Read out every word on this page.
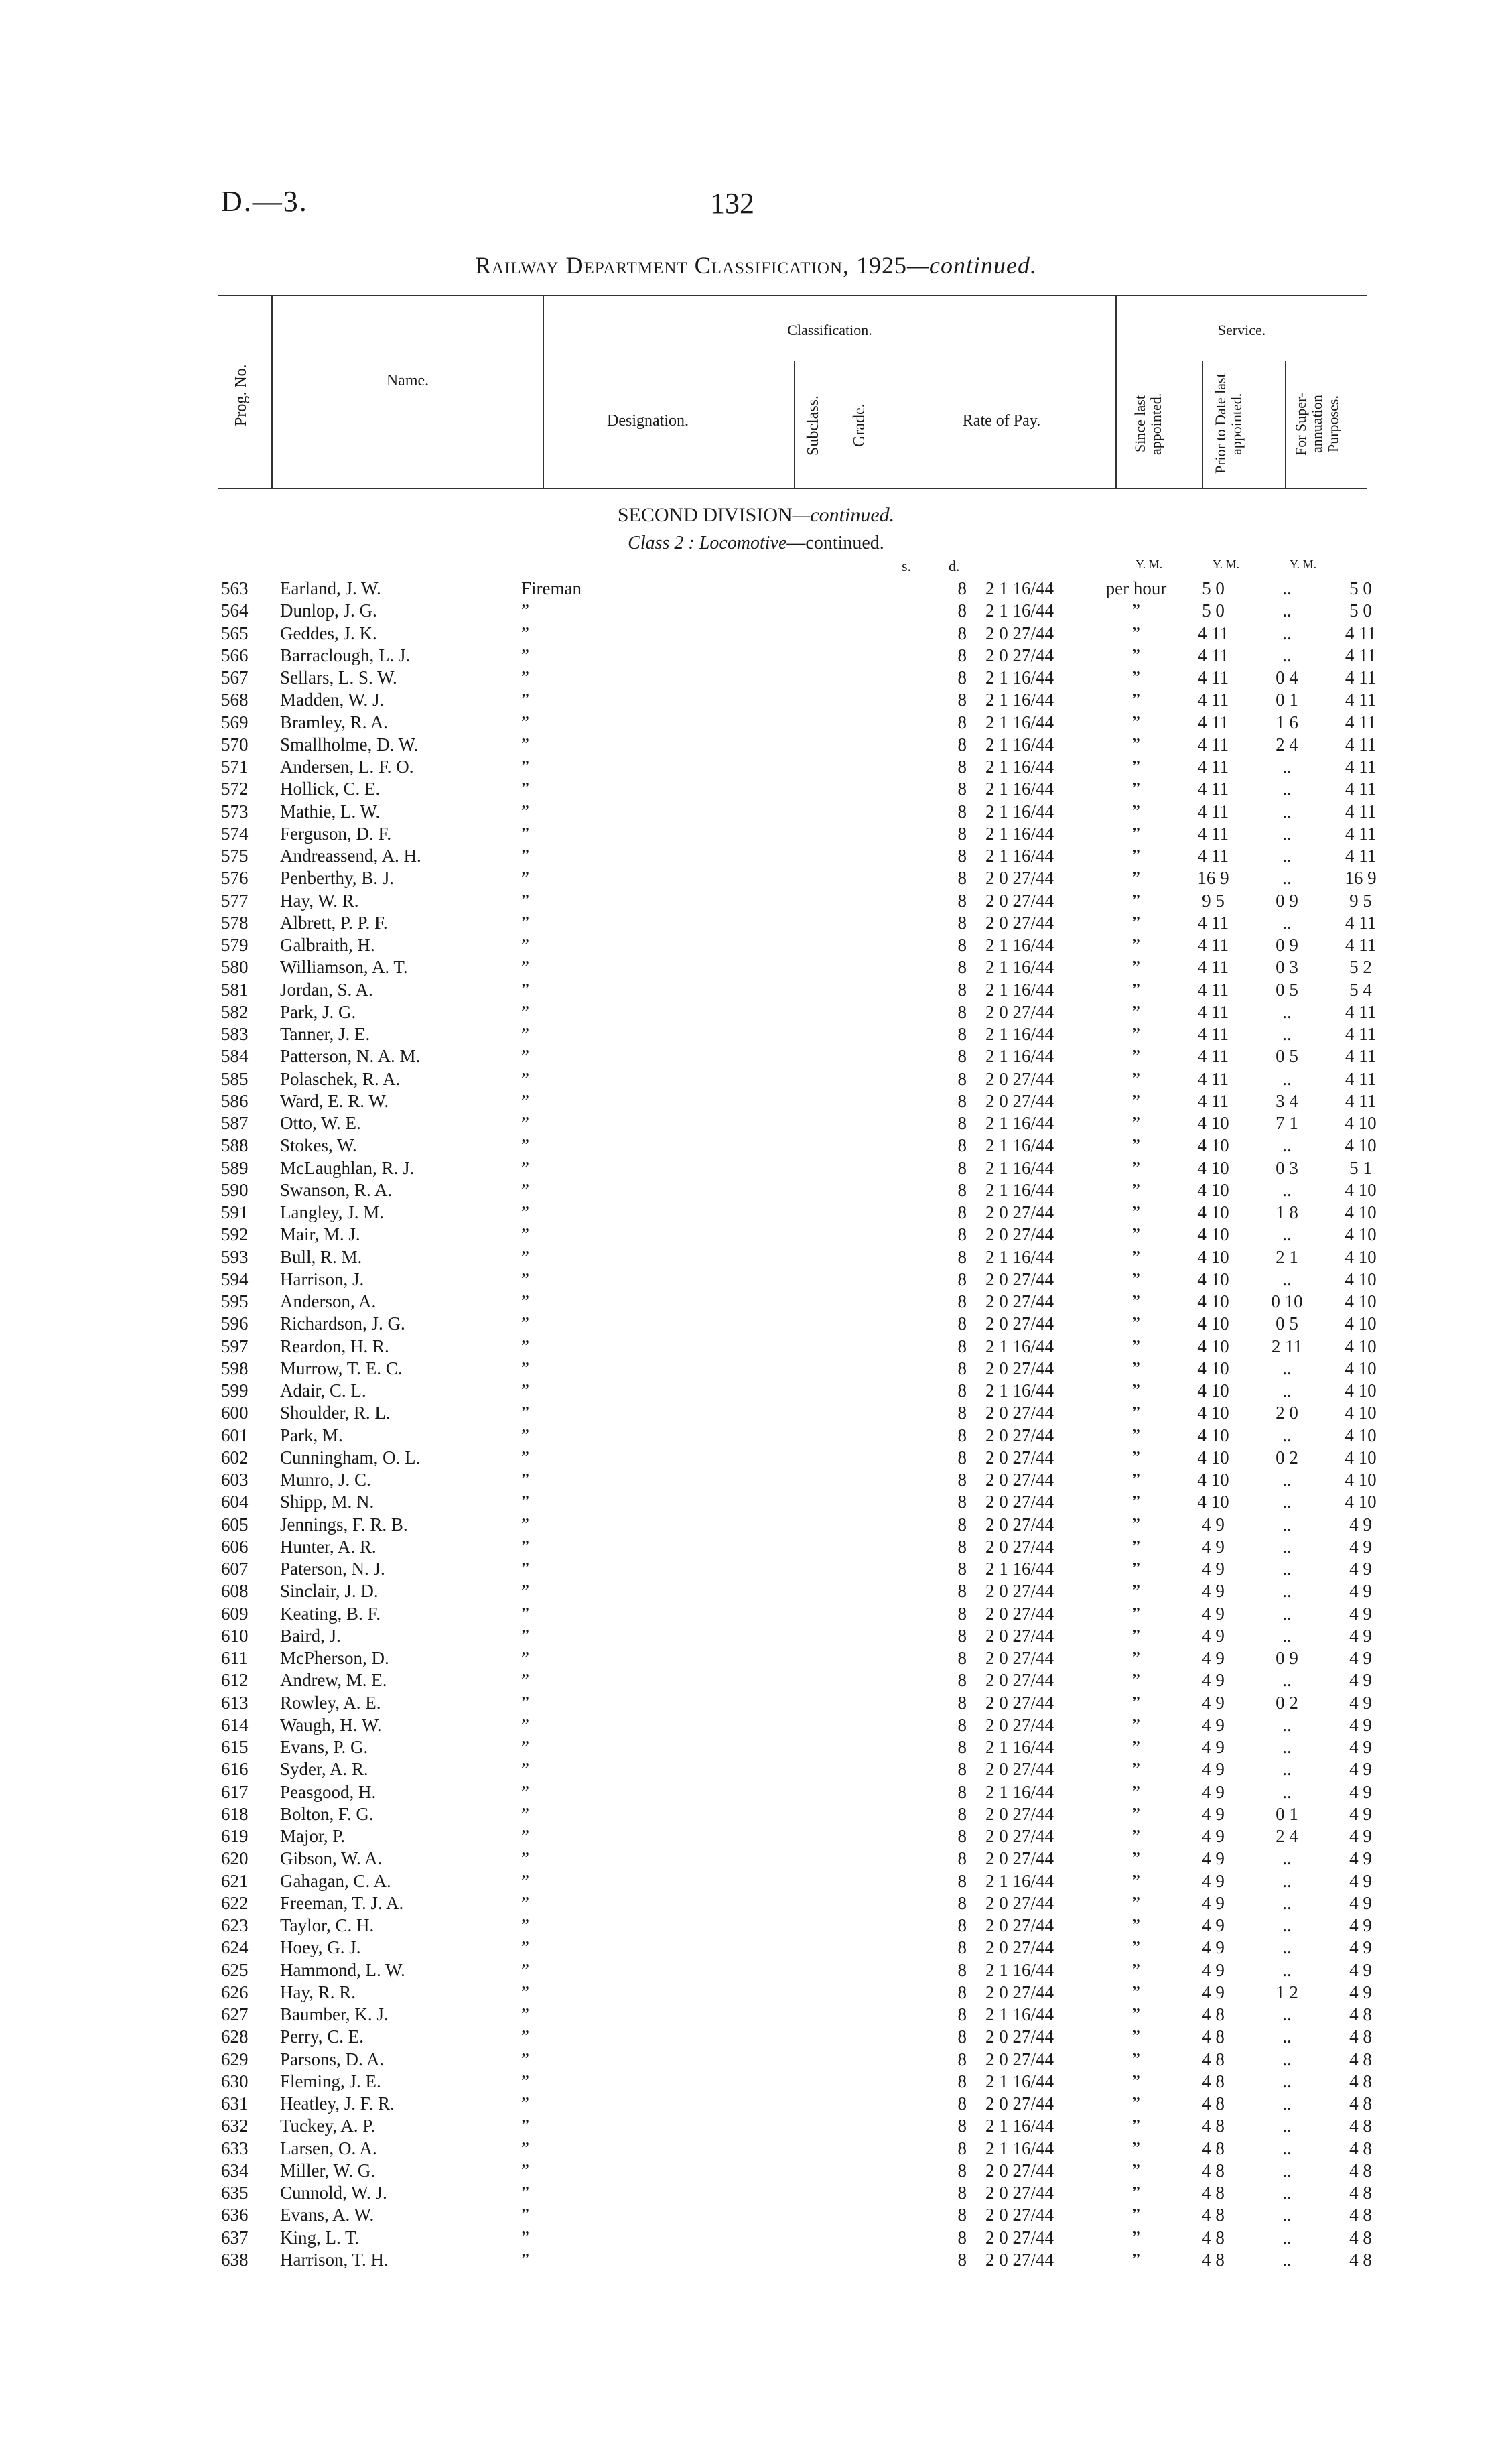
D.—3.	132
Railway Department Classification, 1925—continued.
Prog. No.	Name.
Classification.	Service.
Designation.	Subclass.	Grade.	Rate of Pay.	Since last appointed.	Prior to Date last appointed.	For Super-annuation Purposes.
SECOND DIVISION—continued.
Class 2 : Locomotive—continued.
s.	d.	Y. M.	Y. M.	Y. M.
563	Earland, J. W.	Fireman	8	2 1 16/44	per hour	5 0	..	5 0
564	Dunlop, J. G.	”	8	2 1 16/44	”	5 0	..	5 0
565	Geddes, J. K.	”	8	2 0 27/44	”	4 11	..	4 11
566	Barraclough, L. J.	”	8	2 0 27/44	”	4 11	..	4 11
567	Sellars, L. S. W.	”	8	2 1 16/44	”	4 11	0 4	4 11
568	Madden, W. J.	”	8	2 1 16/44	”	4 11	0 1	4 11
569	Bramley, R. A.	”	8	2 1 16/44	”	4 11	1 6	4 11
570	Smallholme, D. W.	”	8	2 1 16/44	”	4 11	2 4	4 11
571	Andersen, L. F. O.	”	8	2 1 16/44	”	4 11	..	4 11
572	Hollick, C. E.	”	8	2 1 16/44	”	4 11	..	4 11
573	Mathie, L. W.	”	8	2 1 16/44	”	4 11	..	4 11
574	Ferguson, D. F.	”	8	2 1 16/44	”	4 11	..	4 11
575	Andreassend, A. H.	”	8	2 1 16/44	”	4 11	..	4 11
576	Penberthy, B. J.	”	8	2 0 27/44	”	16 9	..	16 9
577	Hay, W. R.	”	8	2 0 27/44	”	9 5	0 9	9 5
578	Albrett, P. P. F.	”	8	2 0 27/44	”	4 11	..	4 11
579	Galbraith, H.	”	8	2 1 16/44	”	4 11	0 9	4 11
580	Williamson, A. T.	”	8	2 1 16/44	”	4 11	0 3	5 2
581	Jordan, S. A.	”	8	2 1 16/44	”	4 11	0 5	5 4
582	Park, J. G.	”	8	2 0 27/44	”	4 11	..	4 11
583	Tanner, J. E.	”	8	2 1 16/44	”	4 11	..	4 11
584	Patterson, N. A. M.	”	8	2 1 16/44	”	4 11	0 5	4 11
585	Polaschek, R. A.	”	8	2 0 27/44	”	4 11	..	4 11
586	Ward, E. R. W.	”	8	2 0 27/44	”	4 11	3 4	4 11
587	Otto, W. E.	”	8	2 1 16/44	”	4 10	7 1	4 10
588	Stokes, W.	”	8	2 1 16/44	”	4 10	..	4 10
589	McLaughlan, R. J.	”	8	2 1 16/44	”	4 10	0 3	5 1
590	Swanson, R. A.	”	8	2 1 16/44	”	4 10	..	4 10
591	Langley, J. M.	”	8	2 0 27/44	”	4 10	1 8	4 10
592	Mair, M. J.	”	8	2 0 27/44	”	4 10	..	4 10
593	Bull, R. M.	”	8	2 1 16/44	”	4 10	2 1	4 10
594	Harrison, J.	”	8	2 0 27/44	”	4 10	..	4 10
595	Anderson, A.	”	8	2 0 27/44	”	4 10	0 10	4 10
596	Richardson, J. G.	”	8	2 0 27/44	”	4 10	0 5	4 10
597	Reardon, H. R.	”	8	2 1 16/44	”	4 10	2 11	4 10
598	Murrow, T. E. C.	”	8	2 0 27/44	”	4 10	..	4 10
599	Adair, C. L.	”	8	2 1 16/44	”	4 10	..	4 10
600	Shoulder, R. L.	”	8	2 0 27/44	”	4 10	2 0	4 10
601	Park, M.	”	8	2 0 27/44	”	4 10	..	4 10
602	Cunningham, O. L.	”	8	2 0 27/44	”	4 10	0 2	4 10
603	Munro, J. C.	”	8	2 0 27/44	”	4 10	..	4 10
604	Shipp, M. N.	”	8	2 0 27/44	”	4 10	..	4 10
605	Jennings, F. R. B.	”	8	2 0 27/44	”	4 9	..	4 9
606	Hunter, A. R.	”	8	2 0 27/44	”	4 9	..	4 9
607	Paterson, N. J.	”	8	2 1 16/44	”	4 9	..	4 9
608	Sinclair, J. D.	”	8	2 0 27/44	”	4 9	..	4 9
609	Keating, B. F.	”	8	2 0 27/44	”	4 9	..	4 9
610	Baird, J.	”	8	2 0 27/44	”	4 9	..	4 9
611	McPherson, D.	”	8	2 0 27/44	”	4 9	0 9	4 9
612	Andrew, M. E.	”	8	2 0 27/44	”	4 9	..	4 9
613	Rowley, A. E.	”	8	2 0 27/44	”	4 9	0 2	4 9
614	Waugh, H. W.	”	8	2 0 27/44	”	4 9	..	4 9
615	Evans, P. G.	”	8	2 1 16/44	”	4 9	..	4 9
616	Syder, A. R.	”	8	2 0 27/44	”	4 9	..	4 9
617	Peasgood, H.	”	8	2 1 16/44	”	4 9	..	4 9
618	Bolton, F. G.	”	8	2 0 27/44	”	4 9	0 1	4 9
619	Major, P.	”	8	2 0 27/44	”	4 9	2 4	4 9
620	Gibson, W. A.	”	8	2 0 27/44	”	4 9	..	4 9
621	Gahagan, C. A.	”	8	2 1 16/44	”	4 9	..	4 9
622	Freeman, T. J. A.	”	8	2 0 27/44	”	4 9	..	4 9
623	Taylor, C. H.	”	8	2 0 27/44	”	4 9	..	4 9
624	Hoey, G. J.	”	8	2 0 27/44	”	4 9	..	4 9
625	Hammond, L. W.	”	8	2 1 16/44	”	4 9	..	4 9
626	Hay, R. R.	”	8	2 0 27/44	”	4 9	1 2	4 9
627	Baumber, K. J.	”	8	2 1 16/44	”	4 8	..	4 8
628	Perry, C. E.	”	8	2 0 27/44	”	4 8	..	4 8
629	Parsons, D. A.	”	8	2 0 27/44	”	4 8	..	4 8
630	Fleming, J. E.	”	8	2 1 16/44	”	4 8	..	4 8
631	Heatley, J. F. R.	”	8	2 0 27/44	”	4 8	..	4 8
632	Tuckey, A. P.	”	8	2 1 16/44	”	4 8	..	4 8
633	Larsen, O. A.	”	8	2 1 16/44	”	4 8	..	4 8
634	Miller, W. G.	”	8	2 0 27/44	”	4 8	..	4 8
635	Cunnold, W. J.	”	8	2 0 27/44	”	4 8	..	4 8
636	Evans, A. W.	”	8	2 0 27/44	”	4 8	..	4 8
637	King, L. T.	”	8	2 0 27/44	”	4 8	..	4 8
638	Harrison, T. H.	”	8	2 0 27/44	”	4 8	..	4 8
